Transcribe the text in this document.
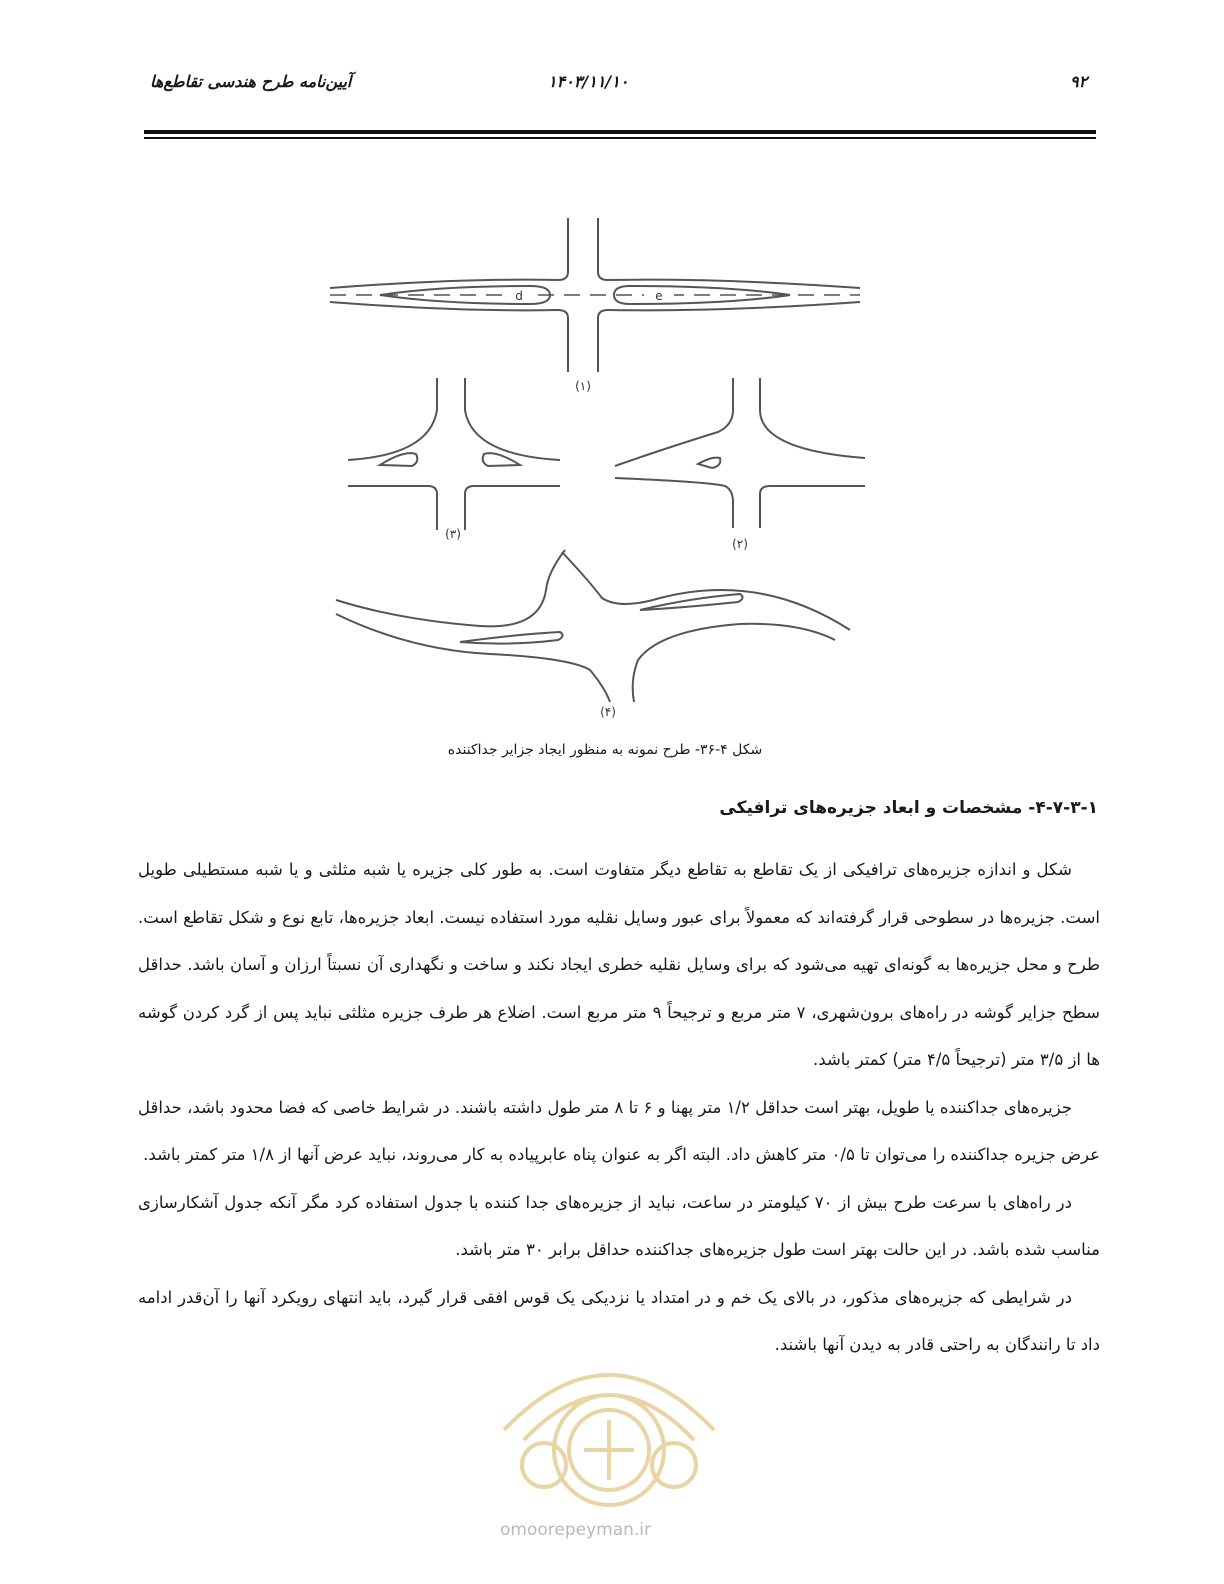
آیین‌نامه طرح هندسی تقاطع‌ها	۱۴۰۳/۱۱/۱۰	۹۲
d	e
(۱)
(۳)
(۲)
(۴)
شکل ۴-۳۶- طرح نمونه به منظور ایجاد جزایر جداکننده
۴-۷-۳-۱- مشخصات و ابعاد جزیره‌های ترافیکی

شکل و اندازه جزیره‌های ترافیکی از یک تقاطع به تقاطع دیگر متفاوت است. به طور کلی جزیره یا شبه مثلثی و یا شبه مستطیلی طویل است. جزیره‌ها در سطوحی قرار گرفته‌اند که معمولاً برای عبور وسایل نقلیه مورد استفاده نیست. ابعاد جزیره‌ها، تابع نوع و شکل تقاطع است. طرح و محل جزیره‌ها به گونه‌ای تهیه می‌شود که برای وسایل نقلیه خطری ایجاد نکند و ساخت و نگهداری آن نسبتاً ارزان و آسان باشد. حداقل سطح جزایر گوشه در راه‌های برون‌شهری، ۷ متر مربع و ترجیحاً ۹ متر مربع است. اضلاع هر طرف جزیره مثلثی نباید پس از گرد کردن گوشه ها از ۳/۵ متر (ترجیحاً ۴/۵ متر) کمتر باشد.

جزیره‌های جداکننده یا طویل، بهتر است حداقل ۱/۲ متر پهنا و ۶ تا ۸ متر طول داشته باشند. در شرایط خاصی که فضا محدود باشد، حداقل عرض جزیره جداکننده را می‌توان تا ۰/۵ متر کاهش داد. البته اگر به عنوان پناه عابرپیاده به کار می‌روند، نباید عرض آنها از ۱/۸ متر کمتر باشد.

در راه‌های با سرعت طرح بیش از ۷۰ کیلومتر در ساعت، نباید از جزیره‌های جدا کننده با جدول استفاده کرد مگر آنکه جدول آشکارسازی مناسب شده باشد. در این حالت بهتر است طول جزیره‌های جداکننده حداقل برابر ۳۰ متر باشد.

در شرایطی که جزیره‌های مذکور، در بالای یک خم و در امتداد یا نزدیکی یک قوس افقی قرار گیرد، باید انتهای رویکرد آنها را آن‌قدر ادامه داد تا رانندگان به راحتی قادر به دیدن آنها باشند.

omoorepeyman.ir
